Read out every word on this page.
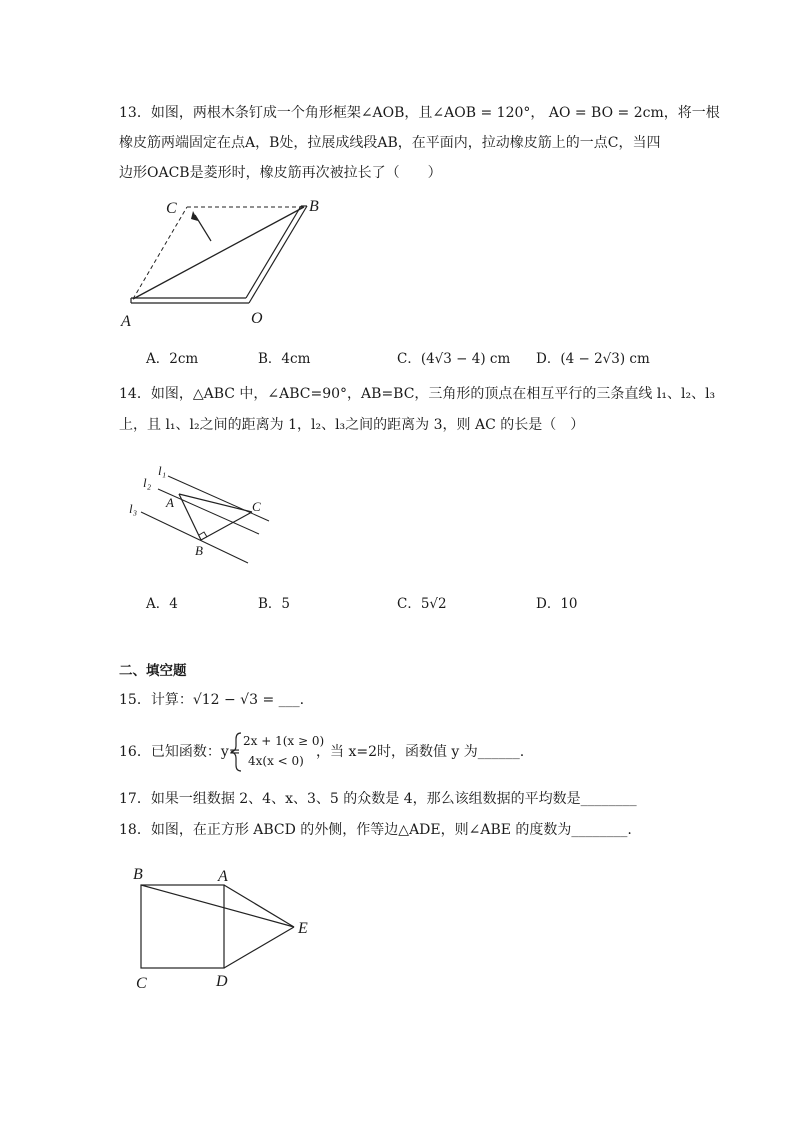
13．如图，两根木条钉成一个角形框架∠AOB，且∠AOB = 120°， AO = BO = 2cm，将一根
橡皮筋两端固定在点A，B处，拉展成线段AB，在平面内，拉动橡皮筋上的一点C，当四
边形OACB是菱形时，橡皮筋再次被拉长了（　　）
C	B
A	O
A．2cm	B．4cm	C．(4√3 − 4) cm D．(4 − 2√3) cm
14．如图，△ABC 中，∠ABC=90°，AB=BC，三角形的顶点在相互平行的三条直线 l₁、l₂、l₃
上，且 l₁、l₂之间的距离为 1，l₂、l₃之间的距离为 3，则 AC 的长是（　）
l₁
l₂
l₃ A	C
B
A．4	B．5	C．5√2	D．10
二、填空题
15．计算：√12 − √3 = ___.
16．已知函数：y=
2x + 1(x ≥ 0)
4x(x < 0)
，当 x=2时，函数值 y 为______.
17．如果一组数据 2、4、x、3、5 的众数是 4，那么该组数据的平均数是________
18．如图，在正方形 ABCD 的外侧，作等边△ADE，则∠ABE 的度数为________.
B	A
E
C	D
